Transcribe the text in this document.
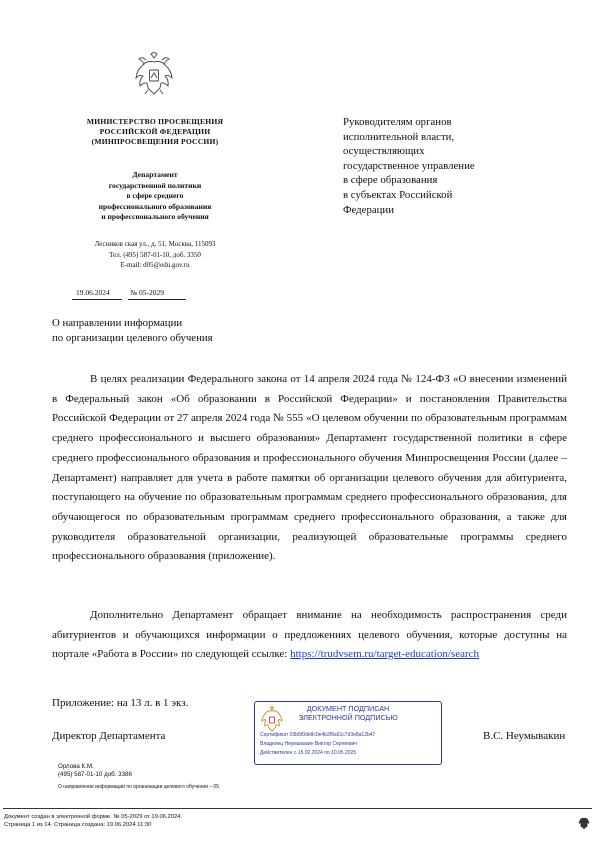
МИНИСТЕРСТВО ПРОСВЕЩЕНИЯ
РОССИЙСКОЙ ФЕДЕРАЦИИ
(МИНПРОСВЕЩЕНИЯ РОССИИ)
Департамент
государственной политики
в сфере среднего
профессионального образования
и профессионального обучения
Лесников ская ул., д. 51, Москва, 115093
Тел. (495) 587-01-10, доб. 3350
E-mail: d05@edu.gov.ru
19.06.2024	№ 05-2029
Руководителям органов
исполнительной власти,
осуществляющих
государственное управление
в сфере образования
в субъектах Российской
Федерации
О направлении информации
по организации целевого обучения
В целях реализации Федерального закона от 14 апреля 2024 года № 124-ФЗ «О внесении изменений в Федеральный закон «Об образовании в Российской Федерации» и постановления Правительства Российской Федерации от 27 апреля 2024 года № 555 «О целевом обучении по образовательным программам среднего профессионального и высшего образования» Департамент государственной политики в сфере среднего профессионального образования и профессионального обучения Минпросвещения России (далее – Департамент) направляет для учета в работе памятки об организации целевого обучения для абитуриента, поступающего на обучение по образовательным программам среднего профессионального образования, для обучающегося по образовательным программам среднего профессионального образования, а также для руководителя образовательной организации, реализующей образовательные программы среднего профессионального образования (приложение).
Дополнительно Департамент обращает внимание на необходимость распространения среди абитуриентов и обучающихся информации о предложениях целевого обучения, которые доступны на портале «Работа в России» по следующей ссылке: https://trudvsem.ru/target-education/search
Приложение: на 13 л. в 1 экз.
Директор Департамента	В.С. Неумывакин
ДОКУМЕНТ ПОДПИСАН
ЭЛЕКТРОННОЙ ПОДПИСЬЮ
Сертификат 03b5f0de8c0e4b2f9a61c7d3e8a12b47
Владелец Неумывакин Виктор Сергеевич
Действителен с 15.02.2024 по 10.05.2025
Орлова К.М.
(495) 587-01-10 доб. 3386
О направлении информации по организации целевого обучения – 05
Документ создан в электронной форме. № 05-2029 от 19.06.2024.
Страница 1 из 14. Страница создана: 19.06.2024 11:30
